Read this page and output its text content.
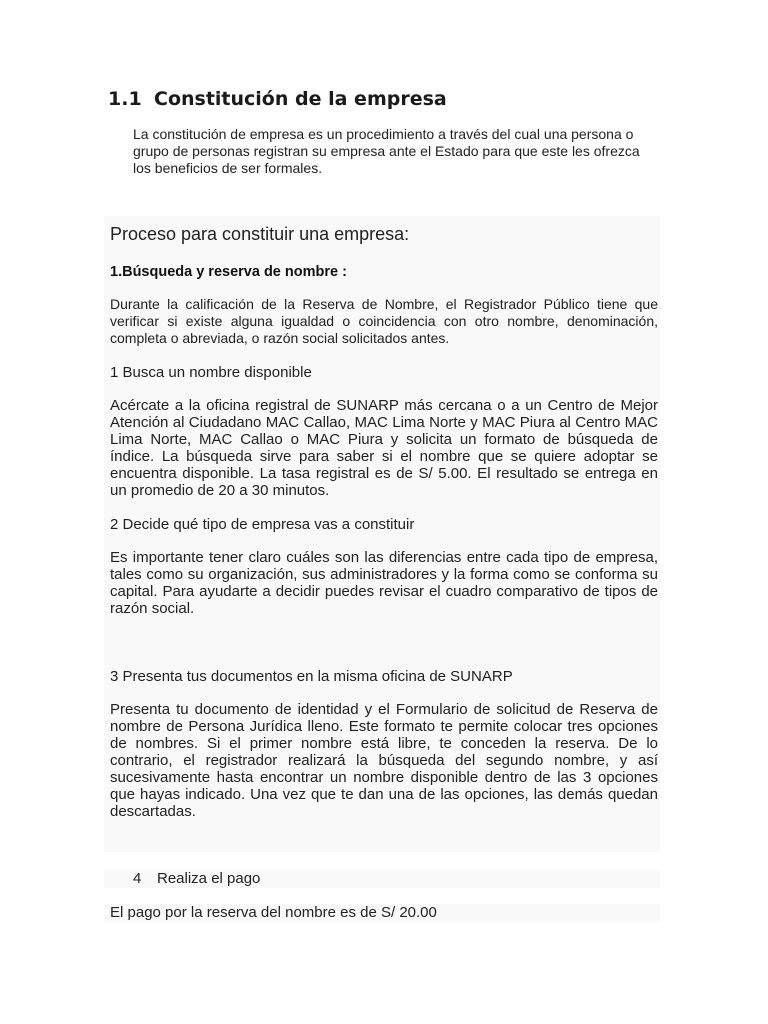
1.1 Constitución de la empresa
La constitución de empresa es un procedimiento a través del cual una persona o grupo de personas registran su empresa ante el Estado para que este les ofrezca los beneficios de ser formales.
Proceso para constituir una empresa:
1.Búsqueda y reserva de nombre :
Durante la calificación de la Reserva de Nombre, el Registrador Público tiene que verificar si existe alguna igualdad o coincidencia con otro nombre, denominación, completa o abreviada, o razón social solicitados antes.
1 Busca un nombre disponible
Acércate a la oficina registral de SUNARP más cercana o a un Centro de Mejor Atención al Ciudadano MAC Callao, MAC Lima Norte y MAC Piura al Centro MAC Lima Norte, MAC Callao o MAC Piura y solicita un formato de búsqueda de índice. La búsqueda sirve para saber si el nombre que se quiere adoptar se encuentra disponible. La tasa registral es de S/ 5.00. El resultado se entrega en un promedio de 20 a 30 minutos.
2 Decide qué tipo de empresa vas a constituir
Es importante tener claro cuáles son las diferencias entre cada tipo de empresa, tales como su organización, sus administradores y la forma como se conforma su capital. Para ayudarte a decidir puedes revisar el cuadro comparativo de tipos de razón social.
3 Presenta tus documentos en la misma oficina de SUNARP
Presenta tu documento de identidad y el Formulario de solicitud de Reserva de nombre de Persona Jurídica lleno. Este formato te permite colocar tres opciones de nombres. Si el primer nombre está libre, te conceden la reserva. De lo contrario, el registrador realizará la búsqueda del segundo nombre, y así sucesivamente hasta encontrar un nombre disponible dentro de las 3 opciones que hayas indicado. Una vez que te dan una de las opciones, las demás quedan descartadas.
4 Realiza el pago
El pago por la reserva del nombre es de S/ 20.00
